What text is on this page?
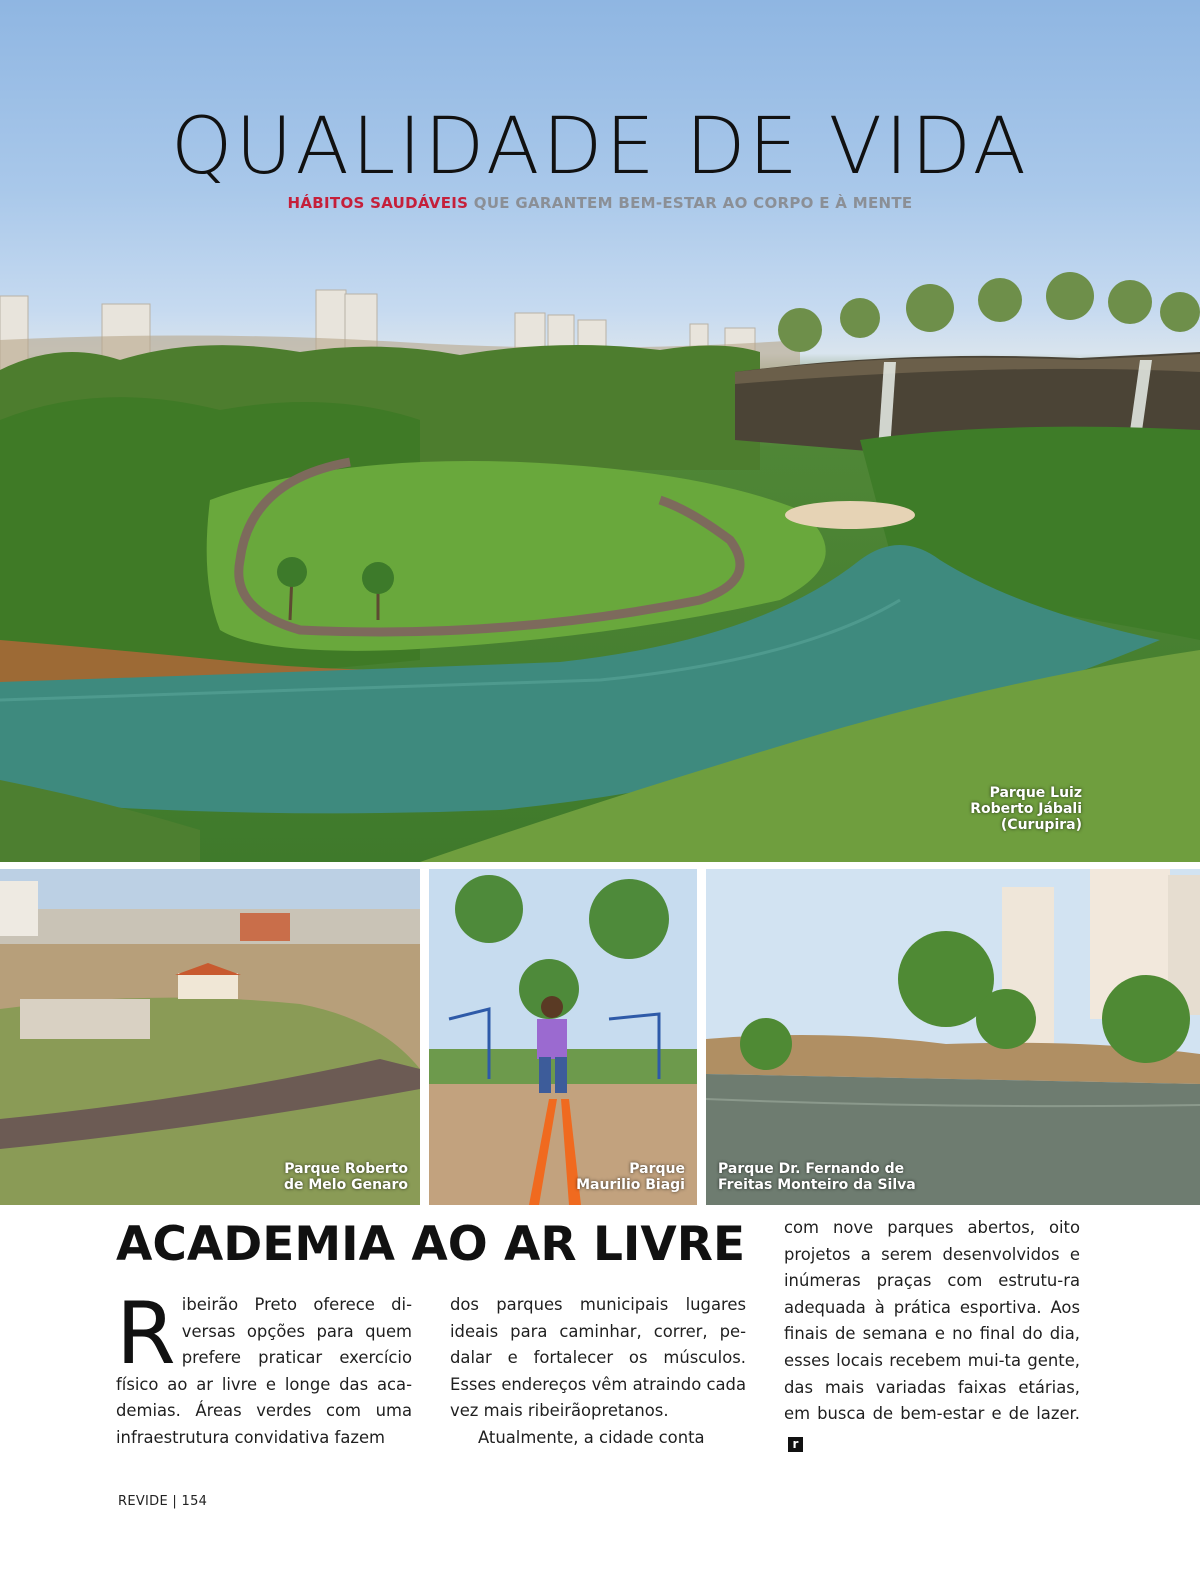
QUALIDADE DE VIDA
HÁBITOS SAUDÁVEIS QUE GARANTEM BEM-ESTAR AO CORPO E À MENTE
Parque Luiz
Roberto Jábali
(Curupira)
Parque Roberto
de Melo Genaro
Parque
Maurilio Biagi
Parque Dr. Fernando de
Freitas Monteiro da Silva
ACADEMIA AO AR LIVRE

Ribeirão Preto oferece di-versas opções para quem prefere praticar exercício físico ao ar livre e longe das aca-demias. Áreas verdes com uma infraestrutura convidativa fazem

dos parques municipais lugares ideais para caminhar, correr, pe-dalar e fortalecer os músculos. Esses endereços vêm atraindo cada vez mais ribeirãopretanos.

Atualmente, a cidade conta

com nove parques abertos, oito projetos a serem desenvolvidos e inúmeras praças com estrutu-ra adequada à prática esportiva. Aos finais de semana e no final do dia, esses locais recebem mui-ta gente, das mais variadas faixas etárias, em busca de bem-estar e de lazer.r

REVIDE | 154
